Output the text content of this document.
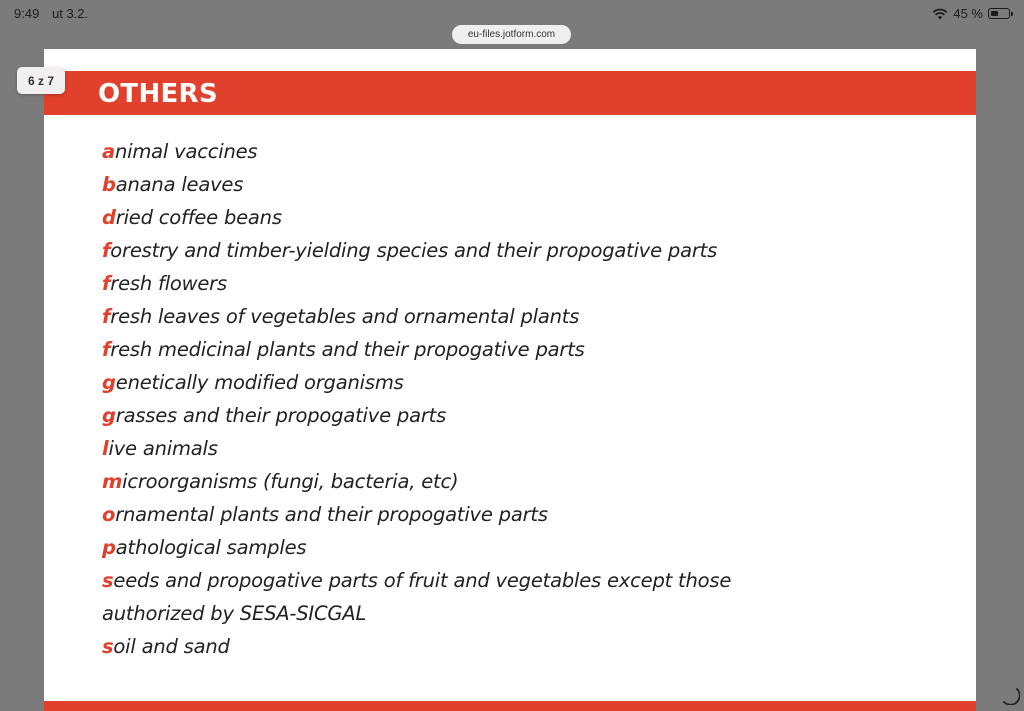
9:49 ut 3.2.	45 %
eu-files.jotform.com
OTHERS
animal vaccines
banana leaves
dried coffee beans
forestry and timber-yielding species and their propogative parts
fresh flowers
fresh leaves of vegetables and ornamental plants
fresh medicinal plants and their propogative parts
genetically modified organisms
grasses and their propogative parts
live animals
microorganisms (fungi, bacteria, etc)
ornamental plants and their propogative parts
pathological samples
seeds and propogative parts of fruit and vegetables except those
authorized by SESA-SICGAL
soil and sand
6 z 7
